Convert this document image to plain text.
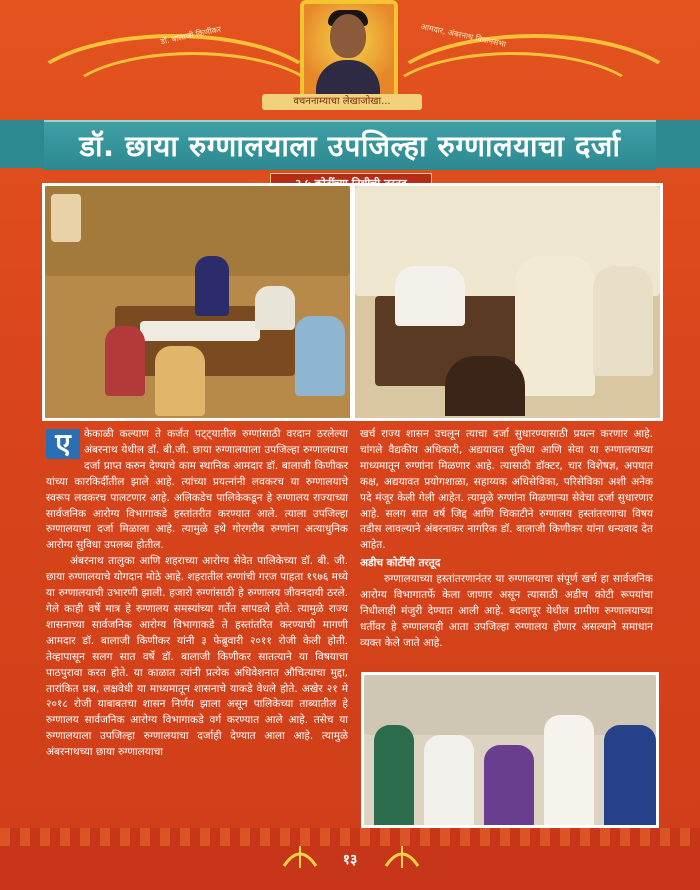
डॉ. बालाजी किणीकर	आमदार, अंबरनाथ विधानसभा
वचननाम्याचा लेखाजोखा...
डॉ. छाया रुग्णालयाला उपजिल्हा रुग्णालयाचा दर्जा
ए	केकाळी कल्याण ते कर्जत पट्ट्यातील रुग्णांसाठी वरदान ठरलेल्या अंबरनाथ येथील डॉ. बी.जी. छाया रुग्णालयाला उपजिल्हा रुग्णालयाचा दर्जा प्राप्त करुन देण्याचे काम स्थानिक आमदार डॉ. बालाजी किणीकर यांच्या कारकिर्दीतील झाले आहे. त्यांच्या प्रयत्नांनी लवकरच या रुग्णालयाचे स्वरूप लवकरच पालटणार आहे. अलिकडेच पालिकेकडून हे रुग्णालय राज्याच्या सार्वजनिक आरोग्य विभागाकडे हस्तांतरीत करण्यात आले. त्याला उपजिल्हा रुग्णालयाचा दर्जा मिळाला आहे. त्यामुळे इथे गोरगरीब रुग्णांना अत्याधुनिक आरोग्य सुविधा उपलब्ध होतील.

अंबरनाथ तालुका आणि शहराच्या आरोग्य सेवेत पालिकेच्या डॉ. बी. जी. छाया रुग्णालयाचे योगदान मोठे आहे. शहरातील रुग्णांची गरज पाहता १९७६ मध्ये या रुग्णालयाची उभारणी झाली. हजारो रुग्णांसाठी हे रुग्णालय जीवनदायी ठरले. गेले काही वर्षे मात्र हे रुग्णालय समस्यांच्या गर्तेत सापडले होते. त्यामुळे राज्य शासनाच्या सार्वजनिक आरोग्य विभागाकडे ते हस्तांतरित करण्याची मागणी आमदार डॉ. बालाजी किणीकर यांनी ३ फेब्रुवारी २०११ रोजी केली होती. तेव्हापासून सलग सात वर्षे डॉ. बालाजी किणीकर सातत्याने या विषयाचा पाठपुरावा करत होते. या काळात त्यांनी प्रत्येक अधिवेशनात औचित्याचा मुद्दा, तारांकित प्रश्न, लक्षवेधी या माध्यमातून शासनाचे याकडे वेधले होते. अखेर २१ मे २०१८ रोजी याबाबतचा शासन निर्णय झाला असून पालिकेच्या ताब्यातील हे रुग्णालय सार्वजनिक आरोग्य विभागाकडे वर्ग करण्यात आले आहे. तसेच या रुग्णालयाला उपजिल्हा रुग्णालयाचा दर्जाही देण्यात आला आहे. त्यामुळे अंबरनाथच्या छाया रुग्णालयाचा

खर्च राज्य शासन उचलून त्याचा दर्जा सुधारण्यासाठी प्रयत्न करणार आहे. चांगले वैद्यकीय अधिकारी, अद्ययावत सुविधा आणि सेवा या रुग्णालयाच्या माध्यमातून रुग्णांना मिळणार आहे. त्यासाठी डॉक्टर, चार विशेषज्ञ, अपघात कक्ष, अद्ययावत प्रयोगशाळा, सहाय्यक अधिसेविका, परिसेविका अशी अनेक पदे मंजूर केली गेली आहेत. त्यामुळे रुग्णांना मिळणाऱ्या सेवेचा दर्जा सुधारणार आहे. सलग सात वर्ष जिद्द आणि चिकाटीने रुग्णालय हस्तांतरणाचा विषय तडीस लावल्याने अंबरनाकर नागरिक डॉ. बालाजी किणीकर यांना धन्यवाद देत आहेत.

अडीच कोटींची तरतूद

रुग्णालयाच्या हस्तांतरणानंतर या रुग्णालयाचा संपूर्ण खर्च हा सार्वजनिक आरोग्य विभागातर्फे केला जाणार असून त्यासाठी अडीच कोटी रूपयांचा निधीलाही मंजुरी देण्यात आली आहे. बदलापूर येथील ग्रामीण रुग्णालयाच्या धर्तीवर हे रुग्णालयही आता उपजिल्हा रुग्णालय होणार असल्याने समाधान व्यक्त केले जाते आहे.

१३
